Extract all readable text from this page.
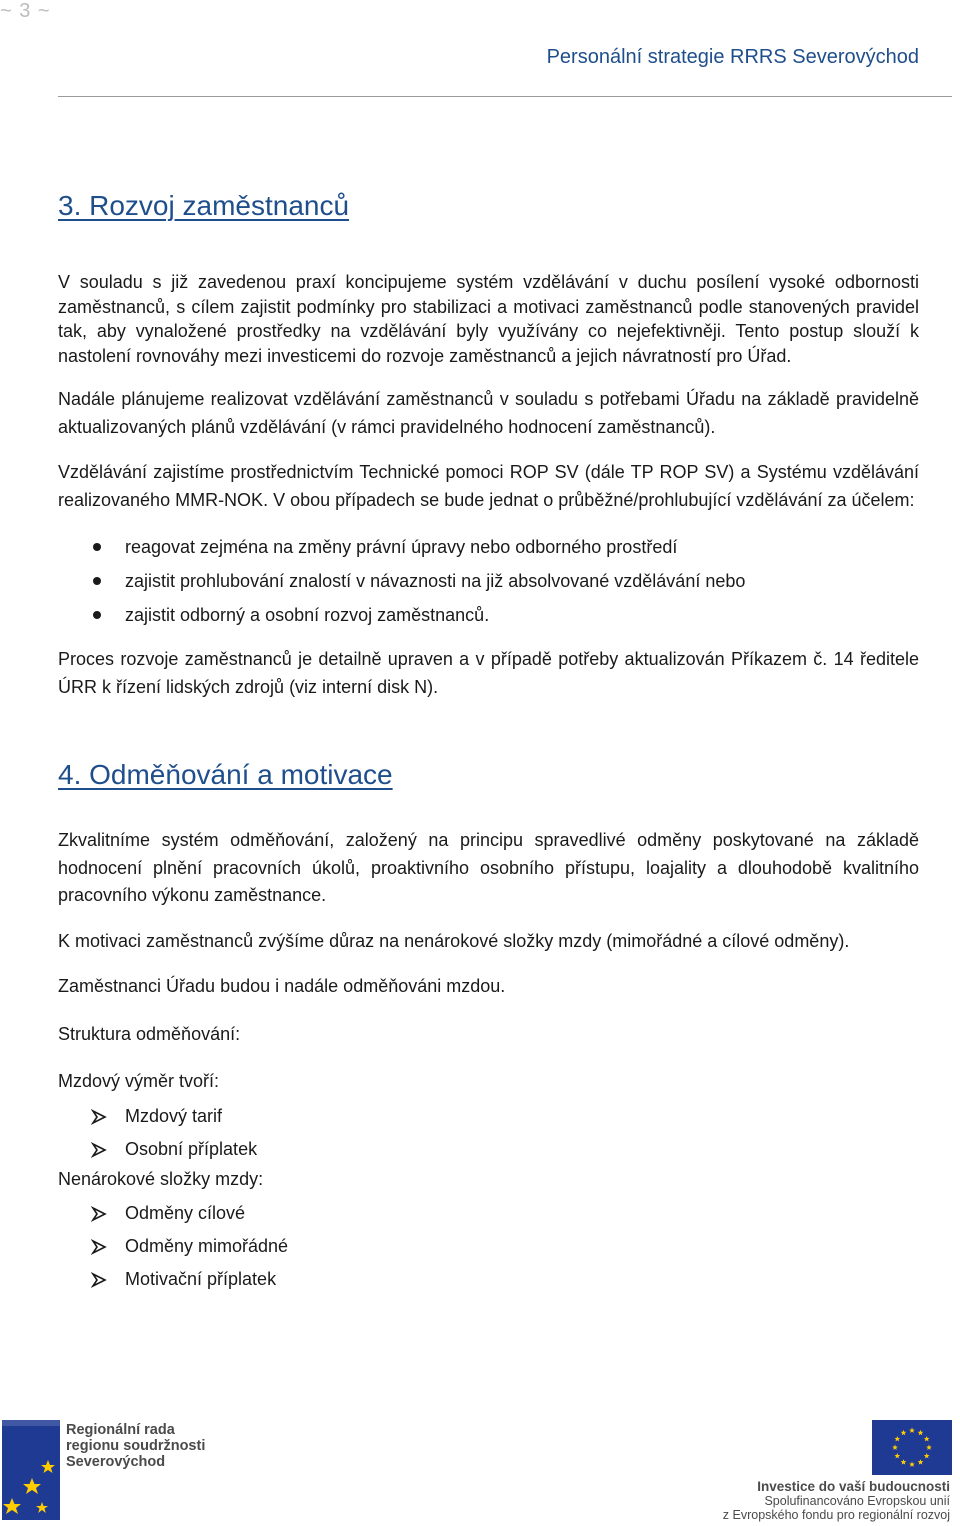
~ 3 ~
Personální strategie RRRS Severovýchod
3. Rozvoj zaměstnanců

V souladu s již zavedenou praxí koncipujeme systém vzdělávání v duchu posílení vysoké odbornosti zaměstnanců, s cílem zajistit podmínky pro stabilizaci a motivaci zaměstnanců podle stanovených pravidel tak, aby vynaložené prostředky na vzdělávání byly využívány co nejefektivněji. Tento postup slouží k nastolení rovnováhy mezi investicemi do rozvoje zaměstnanců a jejich návratností pro Úřad.

Nadále plánujeme realizovat vzdělávání zaměstnanců v souladu s potřebami Úřadu na základě pravidelně aktualizovaných plánů vzdělávání (v rámci pravidelného hodnocení zaměstnanců).

Vzdělávání zajistíme prostřednictvím Technické pomoci ROP SV (dále TP ROP SV) a Systému vzdělávání realizovaného MMR-NOK. V obou případech se bude jednat o průběžné/prohlubující vzdělávání za účelem:

reagovat zejména na změny právní úpravy nebo odborného prostředí
zajistit prohlubování znalostí v návaznosti na již absolvované vzdělávání nebo
zajistit odborný a osobní rozvoj zaměstnanců.

Proces rozvoje zaměstnanců je detailně upraven a v případě potřeby aktualizován Příkazem č. 14 ředitele ÚRR k řízení lidských zdrojů (viz interní disk N).

4. Odměňování a motivace

Zkvalitníme systém odměňování, založený na principu spravedlivé odměny poskytované na základě hodnocení plnění pracovních úkolů, proaktivního osobního přístupu, loajality a dlouhodobě kvalitního pracovního výkonu zaměstnance.

K motivaci zaměstnanců zvýšíme důraz na nenárokové složky mzdy (mimořádné a cílové odměny).

Zaměstnanci Úřadu budou i nadále odměňováni mzdou.

Struktura odměňování:

Mzdový výměr tvoří:

Mzdový tarif
Osobní příplatek

Nenárokové složky mzdy:

Odměny cílové
Odměny mimořádné
Motivační příplatek
Regionální rada
regionu soudržnosti
Severovýchod
Investice do vaší budoucnosti
Spolufinancováno Evropskou unií
z Evropského fondu pro regionální rozvoj
